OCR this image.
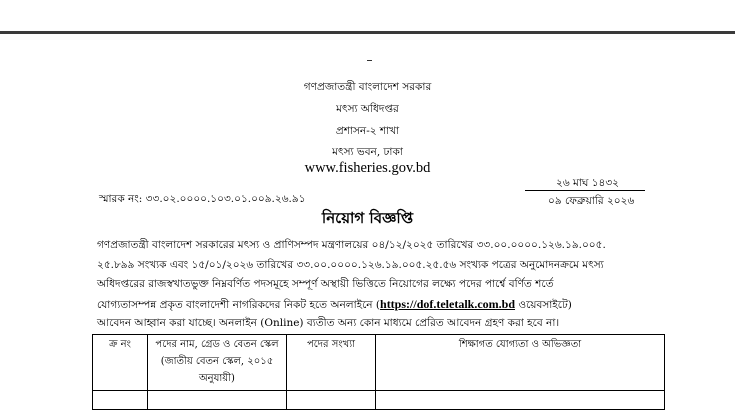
গণপ্রজাতন্ত্রী বাংলাদেশ সরকার
মৎস্য অধিদপ্তর
প্রশাসন-২ শাখা
মৎস্য ভবন, ঢাকা
www.fisheries.gov.bd
২৬ মাঘ ১৪৩২
স্মারক নং: ৩৩.০২.০০০০.১০৩.০১.০০৯.২৬.৯১	০৯ ফেব্রুয়ারি ২০২৬
নিয়োগ বিজ্ঞপ্তি
গণপ্রজাতন্ত্রী বাংলাদেশ সরকারের মৎস্য ও প্রাণিসম্পদ মন্ত্রণালয়ের ০৪/১২/২০২৫ তারিখের ৩৩.০০.০০০০.১২৬.১৯.০০৫.
২৫.৮৯৯ সংখ্যক এবং ১৫/০১/২০২৬ তারিখের ৩৩.০০.০০০০.১২৬.১৯.০০৫.২৫.৫৬ সংখ্যক পত্রের অনুমোদনক্রমে মৎস্য
অধিদপ্তরের রাজস্বখাতভুক্ত নিম্নবর্ণিত পদসমূহে সম্পূর্ণ অস্থায়ী ভিত্তিতে নিয়োগের লক্ষ্যে পদের পার্শ্বে বর্ণিত শর্তে
যোগ্যতাসম্পন্ন প্রকৃত বাংলাদেশী নাগরিকদের নিকট হতে অনলাইনে (https://dof.teletalk.com.bd ওয়েবসাইটে)
আবেদন আহ্বান করা যাচ্ছে। অনলাইন (Online) ব্যতীত অন্য কোন মাধ্যমে প্রেরিত আবেদন গ্রহণ করা হবে না।
ক্র নং	পদের নাম, গ্রেড ও বেতন স্কেল (জাতীয় বেতন স্কেল, ২০১৫ অনুযায়ী)	পদের সংখ্যা	শিক্ষাগত যোগ্যতা ও অভিজ্ঞতা
